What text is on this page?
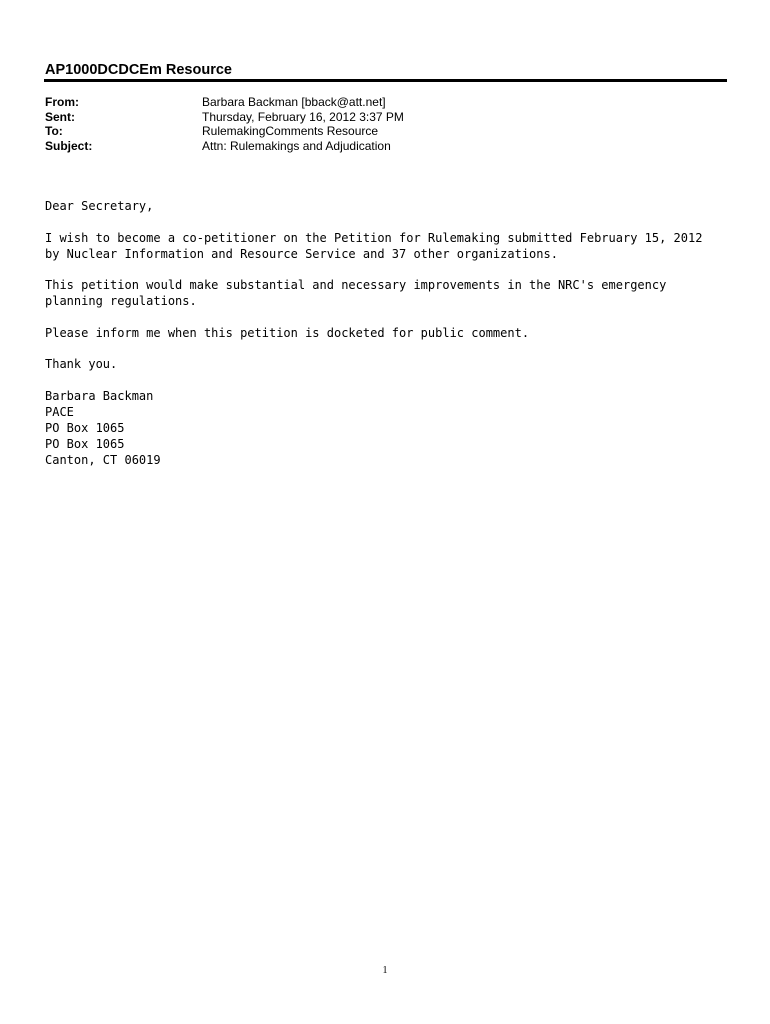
AP1000DCDCEm Resource
From:	Barbara Backman [bback@att.net]
Sent:	Thursday, February 16, 2012 3:37 PM
To:	RulemakingComments Resource
Subject:	Attn: Rulemakings and Adjudication

Dear Secretary,

I wish to become a co-petitioner on the Petition for Rulemaking submitted February 15, 2012
by Nuclear Information and Resource Service and 37 other organizations.

This petition would make substantial and necessary improvements in the NRC's emergency
planning regulations.

Please inform me when this petition is docketed for public comment.

Thank you.

Barbara Backman
PACE
PO Box 1065
PO Box 1065
Canton, CT 06019

1
